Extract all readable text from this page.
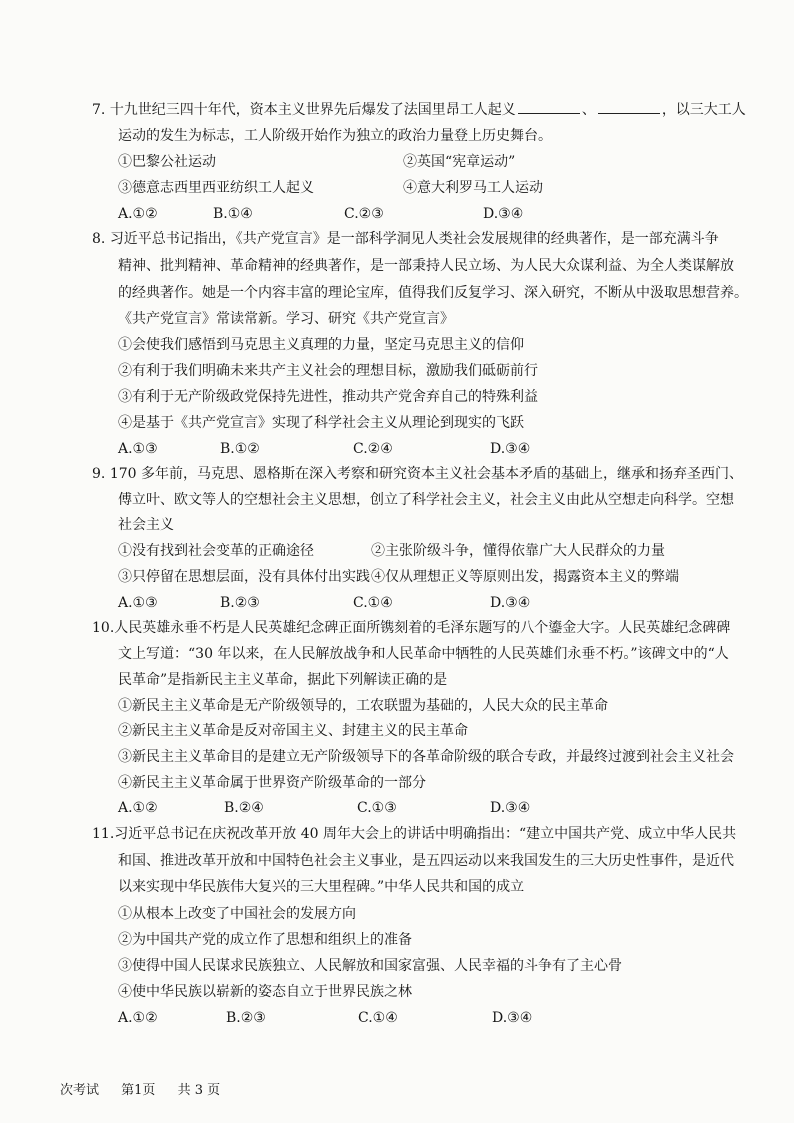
7. 十九世纪三四十年代，资本主义世界先后爆发了法国里昂工人起义	、	，以三大工人
运动的发生为标志，工人阶级开始作为独立的政治力量登上历史舞台。
①巴黎公社运动	②英国“宪章运动”
③德意志西里西亚纺织工人起义	④意大利罗马工人运动
A.①②	B.①④	C.②③	D.③④
8. 习近平总书记指出，《共产党宣言》是一部科学洞见人类社会发展规律的经典著作，是一部充满斗争
精神、批判精神、革命精神的经典著作，是一部秉持人民立场、为人民大众谋利益、为全人类谋解放
的经典著作。她是一个内容丰富的理论宝库，值得我们反复学习、深入研究，不断从中汲取思想营养。
《共产党宣言》常读常新。学习、研究《共产党宣言》
①会使我们感悟到马克思主义真理的力量，坚定马克思主义的信仰
②有利于我们明确未来共产主义社会的理想目标，激励我们砥砺前行
③有利于无产阶级政党保持先进性，推动共产党舍弃自己的特殊利益
④是基于《共产党宣言》实现了科学社会主义从理论到现实的飞跃
A.①③	B.①②	C.②④	D.③④
9. 170 多年前，马克思、恩格斯在深入考察和研究资本主义社会基本矛盾的基础上，继承和扬弃圣西门、
傅立叶、欧文等人的空想社会主义思想，创立了科学社会主义，社会主义由此从空想走向科学。空想
社会主义
①没有找到社会变革的正确途径	②主张阶级斗争，懂得依靠广大人民群众的力量
③只停留在思想层面，没有具体付出实践 ④仅从理想正义等原则出发，揭露资本主义的弊端
A.①③	B.②③	C.①④	D.③④
10.人民英雄永垂不朽是人民英雄纪念碑正面所镌刻着的毛泽东题写的八个鎏金大字。人民英雄纪念碑碑
文上写道：“30 年以来，在人民解放战争和人民革命中牺牲的人民英雄们永垂不朽。”该碑文中的“人
民革命”是指新民主主义革命，据此下列解读正确的是
①新民主主义革命是无产阶级领导的，工农联盟为基础的，人民大众的民主革命
②新民主主义革命是反对帝国主义、封建主义的民主革命
③新民主主义革命目的是建立无产阶级领导下的各革命阶级的联合专政，并最终过渡到社会主义社会
④新民主主义革命属于世界资产阶级革命的一部分
A.①②	B.②④	C.①③	D.③④
11.习近平总书记在庆祝改革开放 40 周年大会上的讲话中明确指出：“建立中国共产党、成立中华人民共
和国、推进改革开放和中国特色社会主义事业，是五四运动以来我国发生的三大历史性事件，是近代
以来实现中华民族伟大复兴的三大里程碑。”中华人民共和国的成立
①从根本上改变了中国社会的发展方向
②为中国共产党的成立作了思想和组织上的准备
③使得中国人民谋求民族独立、人民解放和国家富强、人民幸福的斗争有了主心骨
④使中华民族以崭新的姿态自立于世界民族之林
A.①②	B.②③	C.①④	D.③④
次考试 第1页 共 3 页
